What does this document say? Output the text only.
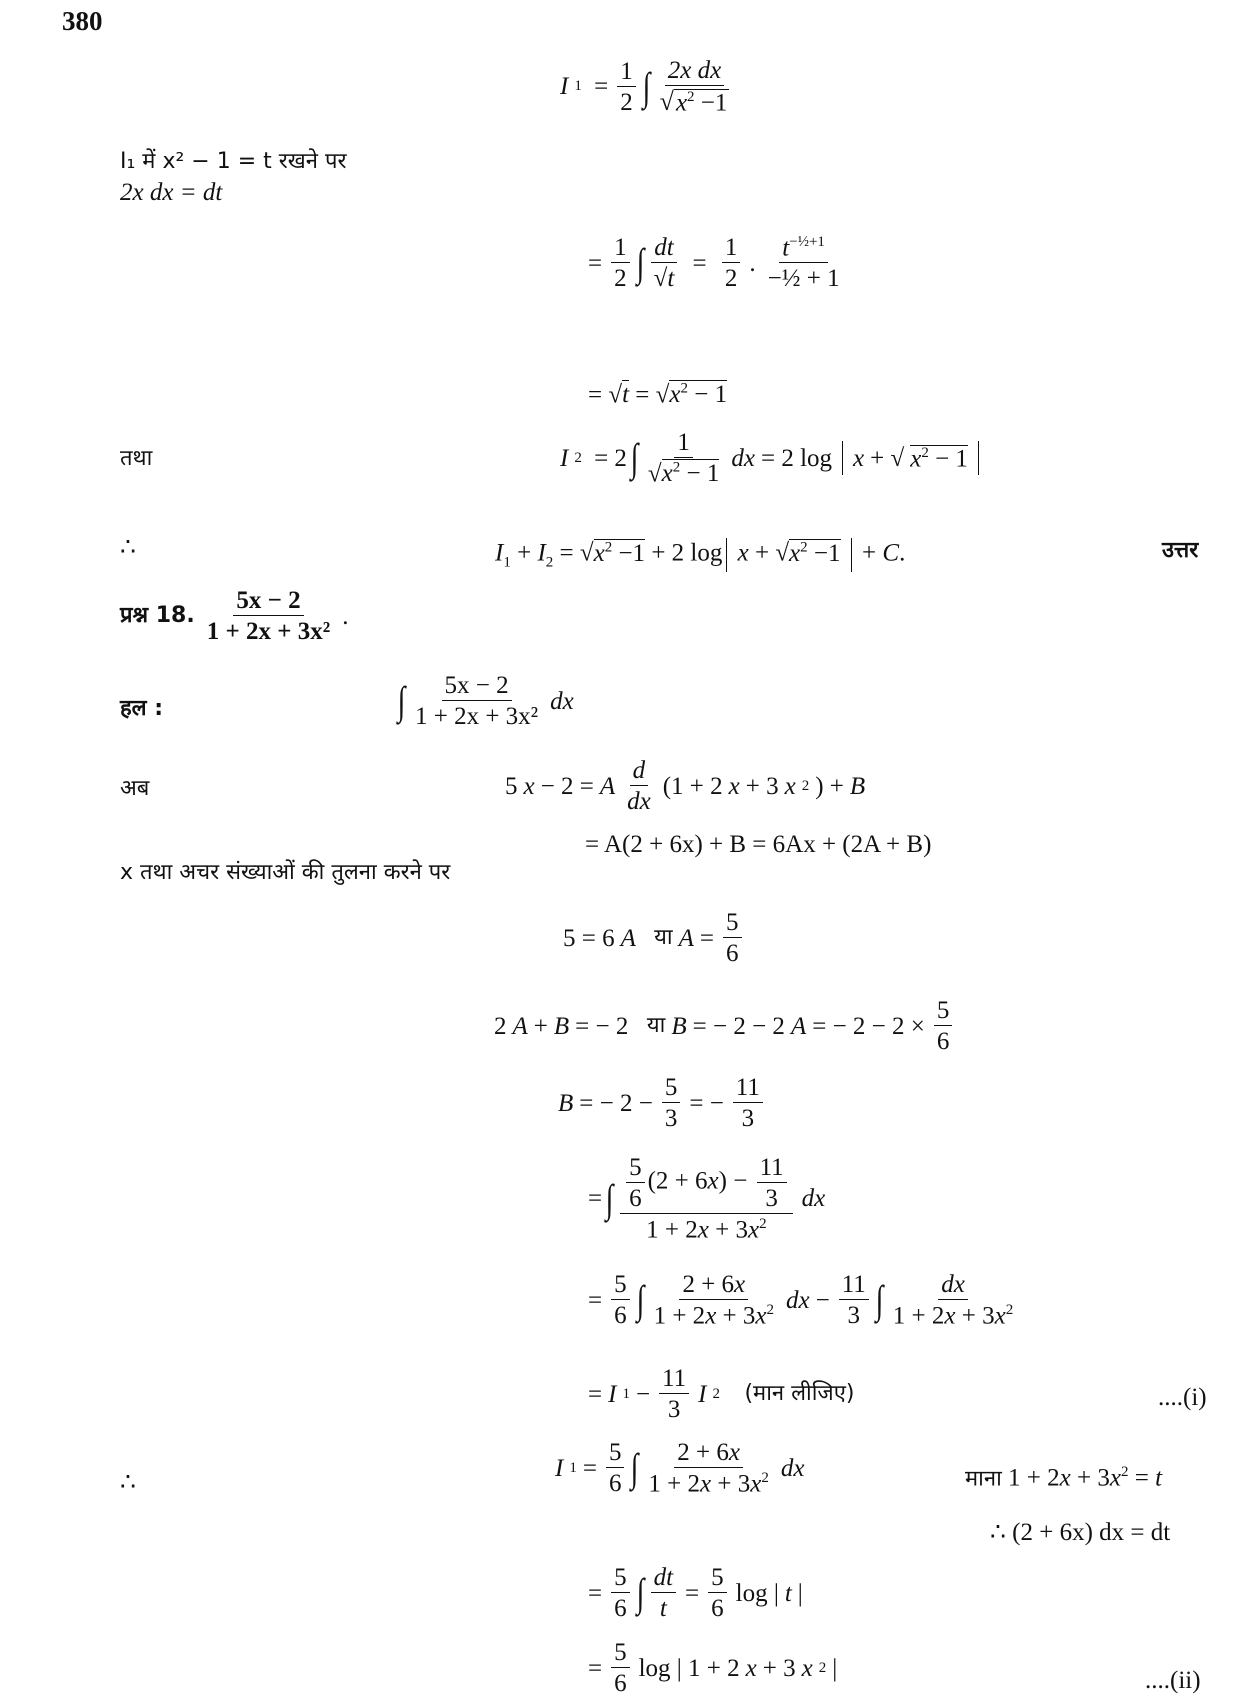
380
I 1 =
1
2 ∫ 2x dx
√ $x^2 -1$
I₁ में x² − 1 = t रखने पर
2x dx = dt
=
1
2 ∫ dt
√t
=
1
2
.
$t^{-\frac{1}{2}+1}$
−½ + 1
= $√t = √x^2 - 1$
तथा	I 2 = 2 ∫ 1
$√x^2 - 1$
dx = 2 log x + √ $x^2 - 1$
∴	$I_1 + I_2 = √x^2 -1 + 2$ $\log x + √x^2 -1 + C$.	उत्तर
प्रश्न 18.
5x − 2
1 + 2x + 3x²
.
हल :	∫ 5x − 2
1 + 2x + 3x²
dx
अब	5 x − 2 = A
d
dx
(1 + 2 x + 3 x 2 ) + B
= A(2 + 6x) + B = 6Ax + (2A + B)
x तथा अचर संख्याओं की तुलना करने पर
5 = 6 A
या A =
5
6
2 A + B = − 2 या B = − 2 − 2 A = − 2 − 2 ×
5
6
B = − 2 −
5
3
= −
11
3
= ∫ $\frac{5}{6} (2 + 6x) - \frac{11}{3}$
$1 + 2x + 3x^2$
dx
=
5
6 ∫ 2 + 6x
$1 + 2x + 3x^2$ dx −
11
3 ∫ dx
$1 + 2x + 3x^2$
= I 1 −
11
3
I 2
(मान लीजिए)	....(i)
∴
I 1 =
5
6 ∫ 2 + 6x
$1 + 2x + 3x^2$ dx	माना $1 + 2x + 3x^2 = t$
∴ (2 + 6x) dx = dt
=
5
6 ∫ dt
t
=
5
6
log | t |
=
5
6
log | 1 + 2 x + 3 x 2 |	....(ii)
